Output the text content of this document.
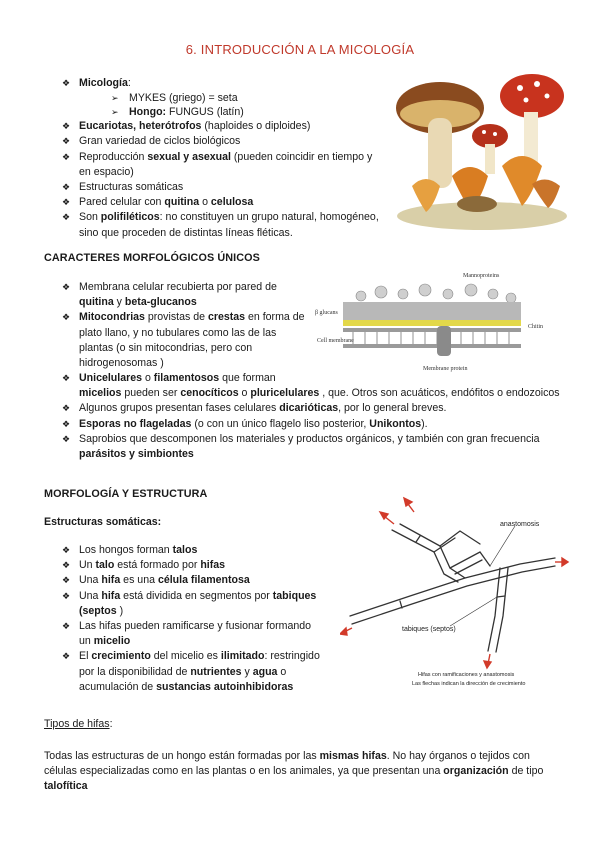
6. INTRODUCCIÓN A LA MICOLOGÍA
❖ Micología:
➢ MYKES (griego) = seta
➢ Hongo: FUNGUS (latín)
❖ Eucariotas, heterótrofos (haploides o diploides)
❖ Gran variedad de ciclos biológicos
❖ Reproducción sexual y asexual (pueden coincidir en tiempo y en espacio)
❖ Estructuras somáticas
❖ Pared celular con quitina o celulosa
❖ Son polifiléticos: no constituyen un grupo natural, homogéneo, sino que proceden de distintas líneas fléticas.
CARACTERES MORFOLÓGICOS ÚNICOS
Mannoproteins
β glucans
Chitin
Cell membrane
Membrane protein
❖ Membrana celular recubierta por pared de quitina y beta-glucanos
❖ Mitocondrias provistas de crestas en forma de plato llano, y no tubulares como las de las plantas (o sin mitocondrias, pero con hidrogenosomas )
❖ Unicelulares o filamentosos que forman
micelios pueden ser cenocíticos o pluricelulares , que. Otros son acuáticos, endófitos o endozoicos
❖ Algunos grupos presentan fases celulares dicarióticas, por lo general breves.
❖ Esporas no flageladas (o con un único flagelo liso posterior, Unikontos).
❖ Saprobios que descomponen los materiales y productos orgánicos, y también con gran frecuencia parásitos y simbiontes
MORFOLOGÍA Y ESTRUCTURA
Estructuras somáticas:	anastomosis
tabiques (septos)
Hifas con ramificaciones y anastomosis
Las flechas indican la dirección de crecimiento
❖ Los hongos forman talos
❖ Un talo está formado por hifas
❖ Una hifa es una célula filamentosa
❖ Una hifa está dividida en segmentos por tabiques (septos )
❖ Las hifas pueden ramificarse y fusionar formando un micelio
❖ El crecimiento del micelio es ilimitado: restringido por la disponibilidad de nutrientes y agua o acumulación de sustancias autoinhibidoras
Tipos de hifas:

Todas las estructuras de un hongo están formadas por las mismas hifas. No hay órganos o tejidos con células especializadas como en las plantas o en los animales, ya que presentan una organización de tipo talofítica
